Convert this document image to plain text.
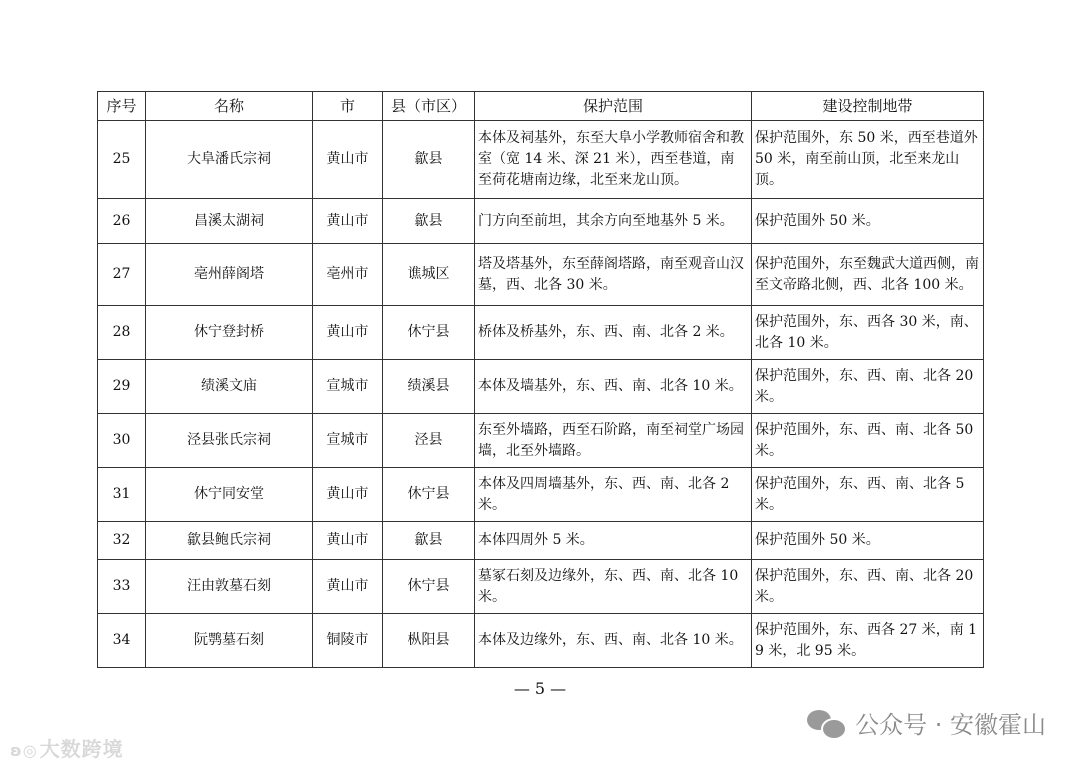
序号	名称	市	县（市区）	保护范围	建设控制地带
25	大阜潘氏宗祠	黄山市	歙县	本体及祠基外，东至大阜小学教师宿舍和教室（宽 14 米、深 21 米），西至巷道，南至荷花塘南边缘，北至来龙山顶。	保护范围外，东 50 米，西至巷道外 50 米，南至前山顶，北至来龙山顶。
26	昌溪太湖祠	黄山市	歙县	门方向至前坦，其余方向至地基外 5 米。	保护范围外 50 米。
27	亳州薛阁塔	亳州市	谯城区	塔及塔基外，东至薛阁塔路，南至观音山汉墓，西、北各 30 米。	保护范围外，东至魏武大道西侧，南至文帝路北侧，西、北各 100 米。
28	休宁登封桥	黄山市	休宁县	桥体及桥基外，东、西、南、北各 2 米。	保护范围外，东、西各 30 米，南、北各 10 米。
29	绩溪文庙	宣城市	绩溪县	本体及墙基外，东、西、南、北各 10 米。	保护范围外，东、西、南、北各 20 米。
30	泾县张氏宗祠	宣城市	泾县	东至外墙路，西至石阶路，南至祠堂广场园墙，北至外墙路。	保护范围外，东、西、南、北各 50 米。
31	休宁同安堂	黄山市	休宁县	本体及四周墙基外，东、西、南、北各 2 米。	保护范围外，东、西、南、北各 5 米。
32	歙县鲍氏宗祠	黄山市	歙县	本体四周外 5 米。	保护范围外 50 米。
33	汪由敦墓石刻	黄山市	休宁县	墓冢石刻及边缘外，东、西、南、北各 10 米。	保护范围外，东、西、南、北各 20 米。
34	阮鹗墓石刻	铜陵市	枞阳县	本体及边缘外，东、西、南、北各 10 米。	保护范围外，东、西各 27 米，南 19 米，北 95 米。
— 5 —
ʚ◎ 大数跨境
公众号 · 安徽霍山
